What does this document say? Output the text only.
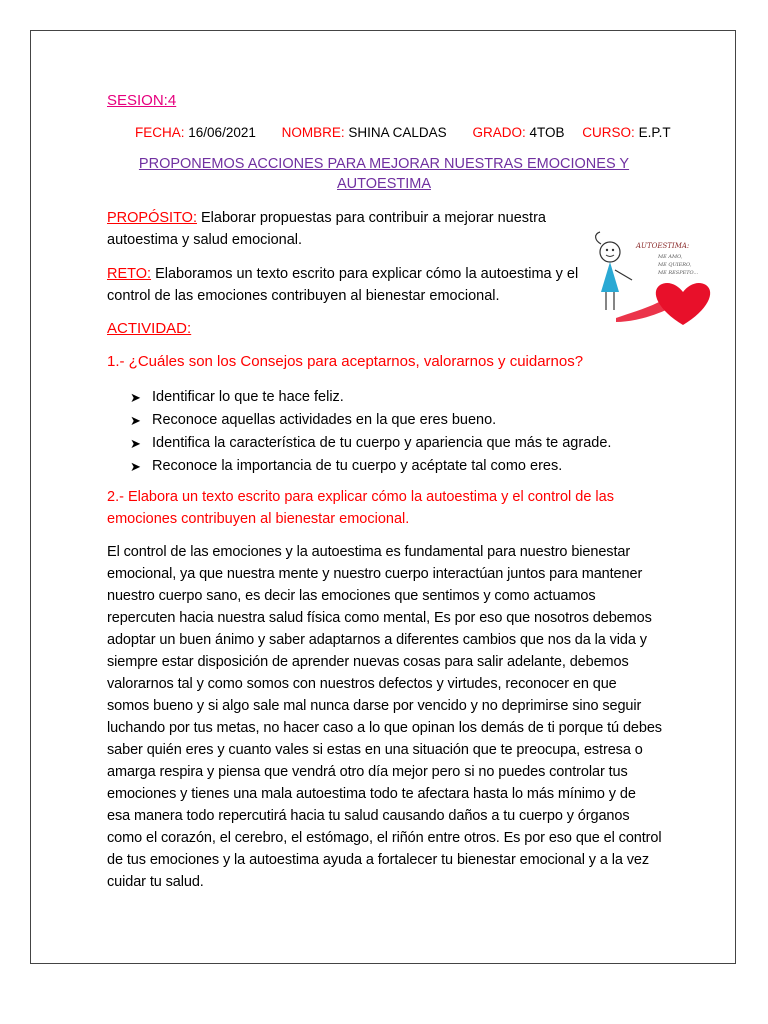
SESION:4
FECHA: 16/06/2021 NOMBRE: SHINA CALDAS GRADO: 4TOB CURSO: E.P.T
PROPONEMOS ACCIONES PARA MEJORAR NUESTRAS EMOCIONES Y AUTOESTIMA
PROPÓSITO: Elaborar propuestas para contribuir a mejorar nuestra autoestima y salud emocional.
RETO: Elaboramos un texto escrito para explicar cómo la autoestima y el control de las emociones contribuyen al bienestar emocional.
ACTIVIDAD:
1.- ¿Cuáles son los Consejos para aceptarnos, valorarnos y cuidarnos?
➤ Identificar lo que te hace feliz.
➤ Reconoce aquellas actividades en la que eres bueno.
➤ Identifica la característica de tu cuerpo y apariencia que más te agrade.
➤ Reconoce la importancia de tu cuerpo y acéptate tal como eres.
2.- Elabora un texto escrito para explicar cómo la autoestima y el control de las emociones contribuyen al bienestar emocional.
El control de las emociones y la autoestima es fundamental para nuestro bienestar emocional, ya que nuestra mente y nuestro cuerpo interactúan juntos para mantener nuestro cuerpo sano, es decir las emociones que sentimos y como actuamos repercuten hacia nuestra salud física como mental, Es por eso que nosotros debemos adoptar un buen ánimo y saber adaptarnos a diferentes cambios que nos da la vida y siempre estar disposición de aprender nuevas cosas para salir adelante, debemos valorarnos tal y como somos con nuestros defectos y virtudes, reconocer en que somos bueno y si algo sale mal nunca darse por vencido y no deprimirse sino seguir luchando por tus metas, no hacer caso a lo que opinan los demás de ti porque tú debes saber quién eres y cuanto vales si estas en una situación que te preocupa, estresa o amarga respira y piensa que vendrá otro día mejor pero si no puedes controlar tus emociones y tienes una mala autoestima todo te afectara hasta lo más mínimo y de esa manera todo repercutirá hacia tu salud causando daños a tu cuerpo y órganos como el corazón, el cerebro, el estómago, el riñón entre otros. Es por eso que el control de tus emociones y la autoestima ayuda a fortalecer tu bienestar emocional y a la vez cuidar tu salud.
AUTOESTIMA:
ME AMO,
ME QUIERO,
ME RESPETO...
